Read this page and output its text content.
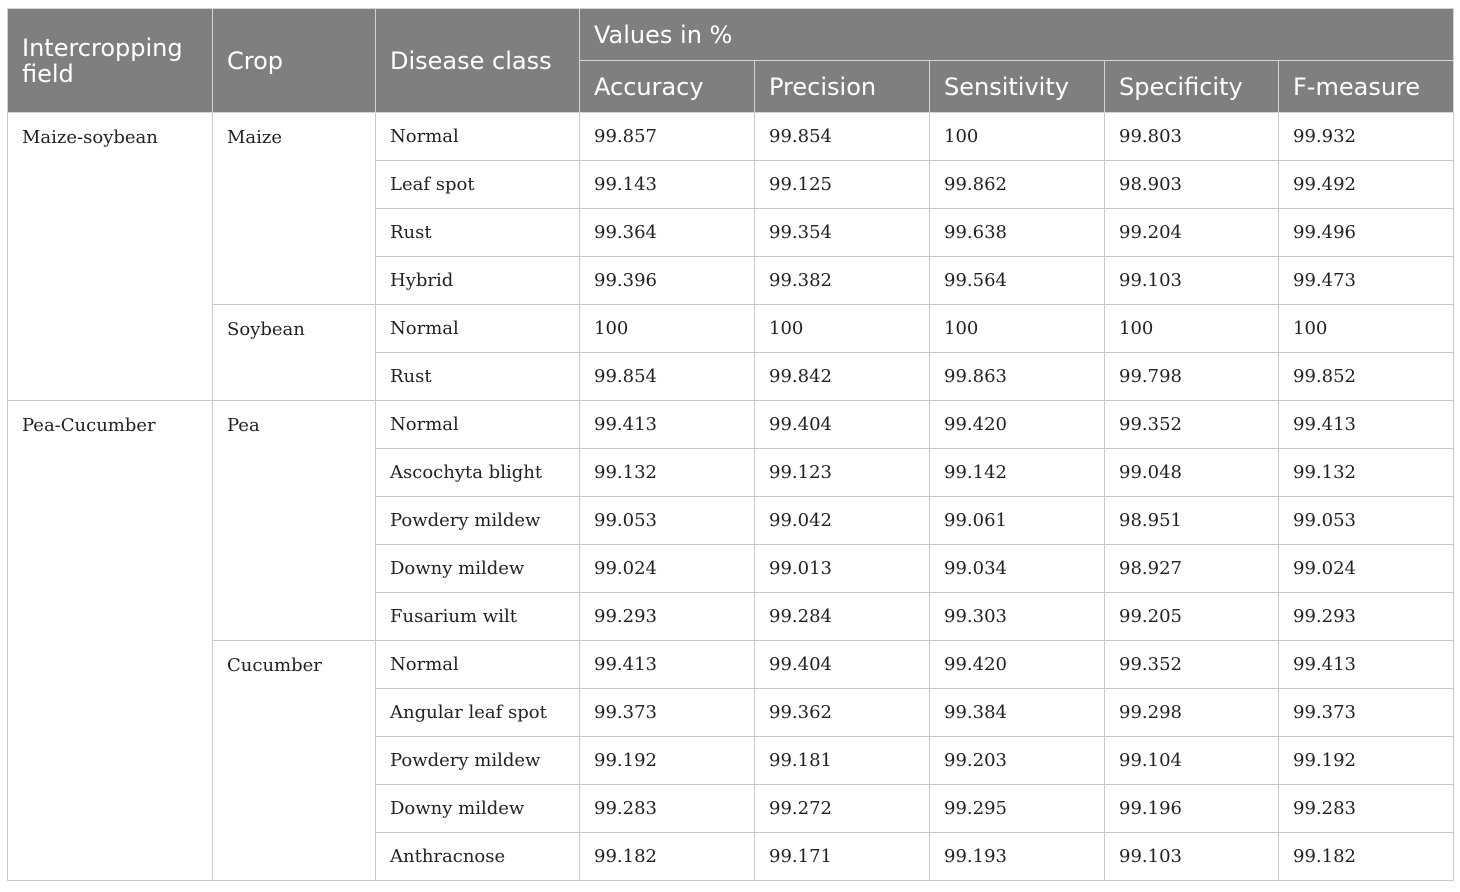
Intercropping field	Crop	Disease class	Values in %				
			Accuracy	Precision	Sensitivity	Specificity	F-measure
Maize-soybean	Maize	Normal	99.857	99.854	100	99.803	99.932
		Leaf spot	99.143	99.125	99.862	98.903	99.492
		Rust	99.364	99.354	99.638	99.204	99.496
		Hybrid	99.396	99.382	99.564	99.103	99.473
	Soybean	Normal	100	100	100	100	100
		Rust	99.854	99.842	99.863	99.798	99.852
Pea-Cucumber	Pea	Normal	99.413	99.404	99.420	99.352	99.413
		Ascochyta blight	99.132	99.123	99.142	99.048	99.132
		Powdery mildew	99.053	99.042	99.061	98.951	99.053
		Downy mildew	99.024	99.013	99.034	98.927	99.024
		Fusarium wilt	99.293	99.284	99.303	99.205	99.293
	Cucumber	Normal	99.413	99.404	99.420	99.352	99.413
		Angular leaf spot	99.373	99.362	99.384	99.298	99.373
		Powdery mildew	99.192	99.181	99.203	99.104	99.192
		Downy mildew	99.283	99.272	99.295	99.196	99.283
		Anthracnose	99.182	99.171	99.193	99.103	99.182
